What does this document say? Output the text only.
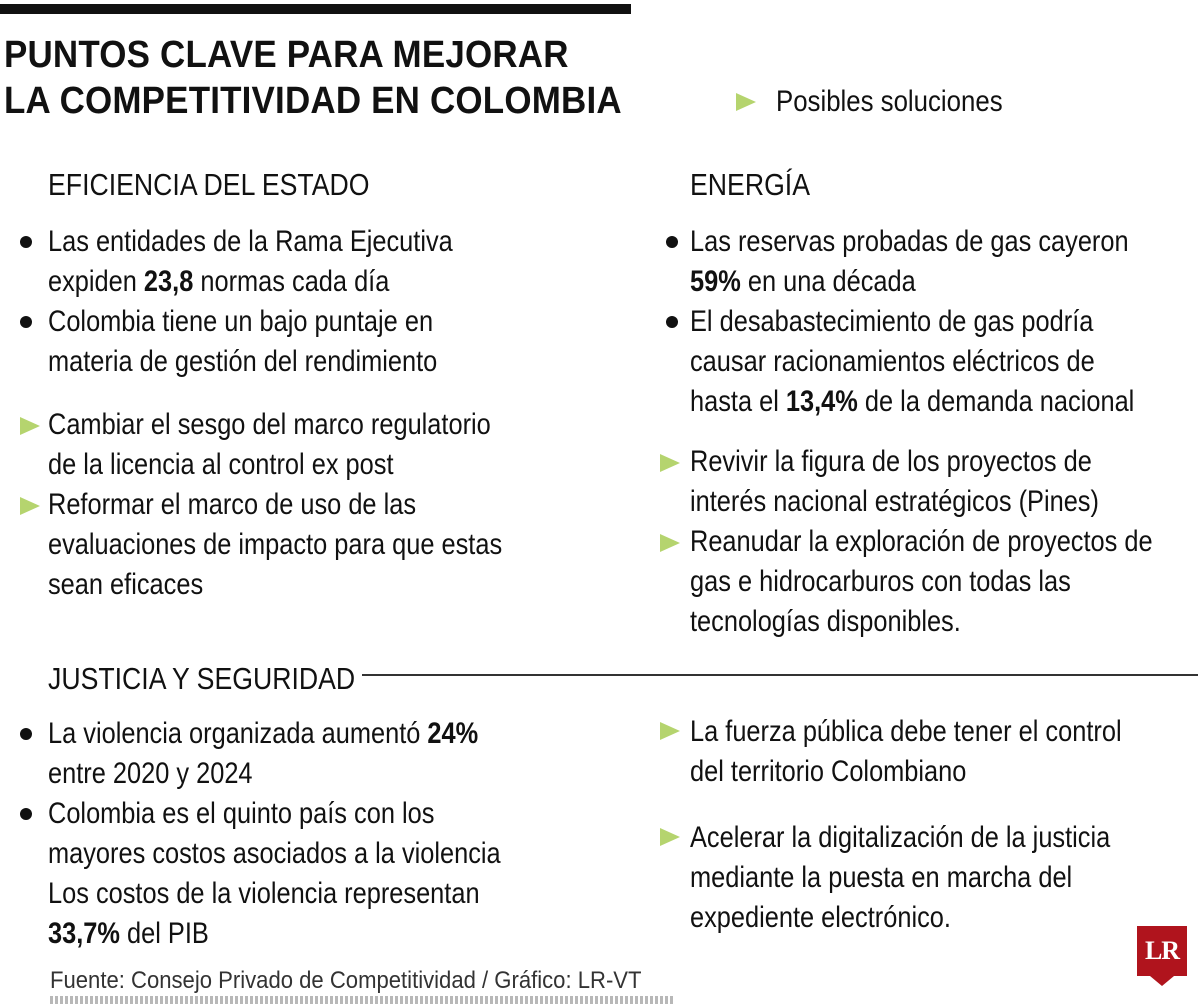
PUNTOS CLAVE PARA MEJORAR
LA COMPETITIVIDAD EN COLOMBIA	Posibles soluciones
EFICIENCIA DEL ESTADO	ENERGÍA
JUSTICIA Y SEGURIDAD
Las entidades de la Rama Ejecutiva
expiden 23,8 normas cada día
Colombia tiene un bajo puntaje en
materia de gestión del rendimiento
Cambiar el sesgo del marco regulatorio
de la licencia al control ex post
Reformar el marco de uso de las
evaluaciones de impacto para que estas
sean eficaces
Las reservas probadas de gas cayeron
59% en una década
El desabastecimiento de gas podría
causar racionamientos eléctricos de
hasta el 13,4% de la demanda nacional
Revivir la figura de los proyectos de
interés nacional estratégicos (Pines)
Reanudar la exploración de proyectos de
gas e hidrocarburos con todas las
tecnologías disponibles.
La violencia organizada aumentó 24%
entre 2020 y 2024
Colombia es el quinto país con los
mayores costos asociados a la violencia
Los costos de la violencia representan
33,7% del PIB
La fuerza pública debe tener el control
del territorio Colombiano
Acelerar la digitalización de la justicia
mediante la puesta en marcha del
expediente electrónico.
Fuente: Consejo Privado de Competitividad / Gráfico: LR-VT
LR
